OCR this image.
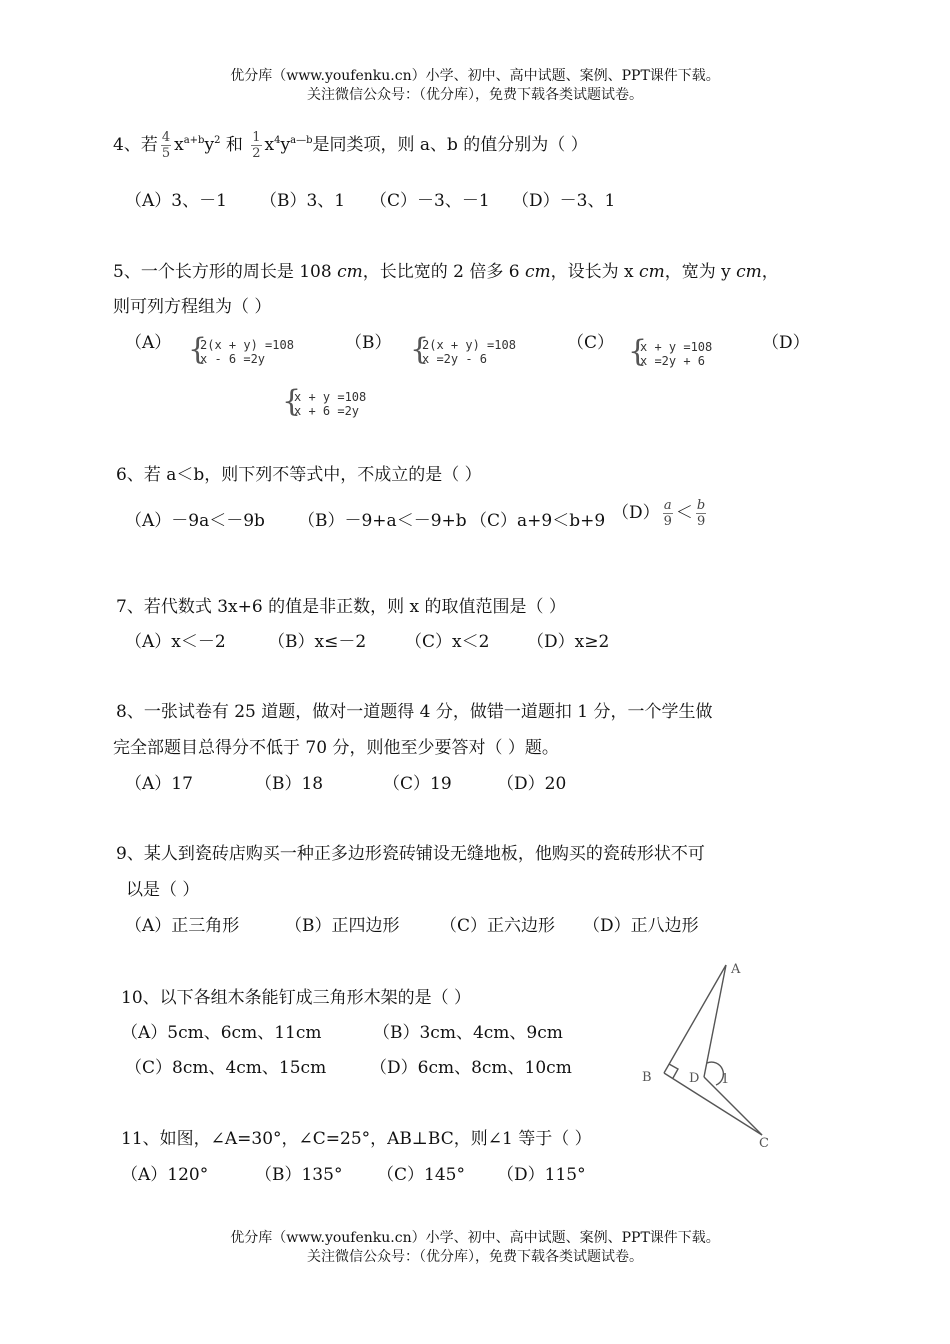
优分库（www.youfenku.cn）小学、初中、高中试题、案例、PPT课件下载。
关注微信公众号：（优分库），免费下载各类试题试卷。
4、若 $\frac{4}{5} x^{a+b}y^2$ 和 $\frac{1}{2} x^4y^{a—b}$是同类项，则 a、b 的值分别为（ ）
（A）3、－1 （B）3、1 （C）－3、－1 （D）－3、1
5、一个长方形的周长是 108 cm，长比宽的 2 倍多 6 cm，设长为 x cm，宽为 y cm，
则可列方程组为（ ）
（A） {
2(x + y) =108
x - 6 =2y
（B） {
2(x + y) =108
x =2y - 6
（C） {
x + y =108
x =2y + 6
（D）
{
x + y =108
x + 6 =2y
6、若 a＜b，则下列不等式中，不成立的是（ ）
（A）－9a＜－9b （B）－9+a＜－9+b （C）a+9＜b+9 $(D) \frac{a}{9} < \frac{b}{9}$
7、若代数式 3x+6 的值是非正数，则 x 的取值范围是（ ）
（A）x＜－2 （B）x≤－2 （C）x＜2 （D）x≥2
8、一张试卷有 25 道题，做对一道题得 4 分，做错一道题扣 1 分，一个学生做
完全部题目总得分不低于 70 分，则他至少要答对（ ）题。
（A）17	（B）18	（C）19	（D）20
9、某人到瓷砖店购买一种正多边形瓷砖铺设无缝地板，他购买的瓷砖形状不可
以是（ ）
（A）正三角形	（B）正四边形 （C）正六边形 （D）正八边形
10、以下各组木条能钉成三角形木架的是（ ）
（A）5cm、6cm、11cm	（B）3cm、4cm、9cm
（C）8cm、4cm、15cm	（D）6cm、8cm、10cm
A
B	D 1
C
11、如图，∠A=30°，∠C=25°，AB⊥BC，则∠1 等于（ ）
（A）120°	（B）135° （C）145° （D）115°
优分库（www.youfenku.cn）小学、初中、高中试题、案例、PPT课件下载。
关注微信公众号：（优分库），免费下载各类试题试卷。
